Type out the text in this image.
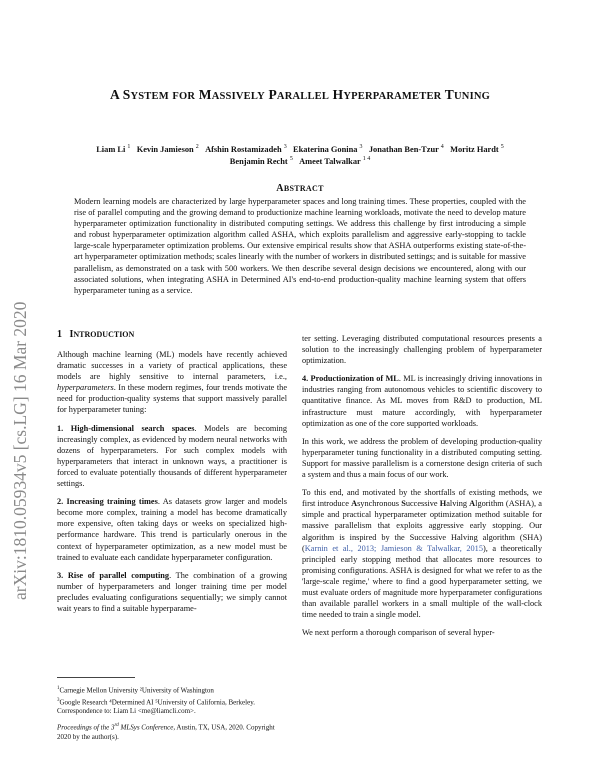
arXiv:1810.05934v5 [cs.LG] 16 Mar 2020
A SYSTEM FOR MASSIVELY PARALLEL HYPERPARAMETER TUNING
Liam Li $^1$ Kevin Jamieson $^2$ Afshin Rostamizadeh $^3$ Ekaterina Gonina $^3$ Jonathan Ben-Tzur $^4$ Moritz Hardt $^5$
Benjamin Recht $^5$ Ameet Talwalkar $^{1 4}$
ABSTRACT
Modern learning models are characterized by large hyperparameter spaces and long training times. These properties, coupled with the rise of parallel computing and the growing demand to productionize machine learning workloads, motivate the need to develop mature hyperparameter optimization functionality in distributed computing settings. We address this challenge by first introducing a simple and robust hyperparameter optimization algorithm called ASHA, which exploits parallelism and aggressive early-stopping to tackle large-scale hyperparameter optimization problems. Our extensive empirical results show that ASHA outperforms existing state-of-the-art hyperparameter optimization methods; scales linearly with the number of workers in distributed settings; and is suitable for massive parallelism, as demonstrated on a task with 500 workers. We then describe several design decisions we encountered, along with our associated solutions, when integrating ASHA in Determined AI's end-to-end production-quality machine learning system that offers hyperparameter tuning as a service.
1 INTRODUCTION

Although machine learning (ML) models have recently achieved dramatic successes in a variety of practical applications, these models are highly sensitive to internal parameters, i.e., hyperparameters. In these modern regimes, four trends motivate the need for production-quality systems that support massively parallel for hyperparameter tuning:

1. High-dimensional search spaces. Models are becoming increasingly complex, as evidenced by modern neural networks with dozens of hyperparameters. For such complex models with hyperparameters that interact in unknown ways, a practitioner is forced to evaluate potentially thousands of different hyperparameter settings.

2. Increasing training times. As datasets grow larger and models become more complex, training a model has become dramatically more expensive, often taking days or weeks on specialized high-performance hardware. This trend is particularly onerous in the context of hyperparameter optimization, as a new model must be trained to evaluate each candidate hyperparameter configuration.

3. Rise of parallel computing. The combination of a growing number of hyperparameters and longer training time per model precludes evaluating configurations sequentially; we simply cannot wait years to find a suitable hyperparame-

$^1$Carnegie Mellon University ²University of Washington
$^3$Google Research ⁴Determined AI ⁵University of California, Berkeley. Correspondence to: Liam Li <me@liamcli.com>.
Proceedings of the 3rd MLSys Conference, Austin, TX, USA, 2020. Copyright 2020 by the author(s).

ter setting. Leveraging distributed computational resources presents a solution to the increasingly challenging problem of hyperparameter optimization.

4. Productionization of ML. ML is increasingly driving innovations in industries ranging from autonomous vehicles to scientific discovery to quantitative finance. As ML moves from R&D to production, ML infrastructure must mature accordingly, with hyperparameter optimization as one of the core supported workloads.

In this work, we address the problem of developing production-quality hyperparameter tuning functionality in a distributed computing setting. Support for massive parallelism is a cornerstone design criteria of such a system and thus a main focus of our work.

To this end, and motivated by the shortfalls of existing methods, we first introduce Asynchronous Successive Halving Algorithm (ASHA), a simple and practical hyperparameter optimization method suitable for massive parallelism that exploits aggressive early stopping. Our algorithm is inspired by the Successive Halving algorithm (SHA) (Karnin et al., 2013; Jamieson & Talwalkar, 2015), a theoretically principled early stopping method that allocates more resources to promising configurations. ASHA is designed for what we refer to as the 'large-scale regime,' where to find a good hyperparameter setting, we must evaluate orders of magnitude more hyperparameter configurations than available parallel workers in a small multiple of the wall-clock time needed to train a single model.

We next perform a thorough comparison of several hyper-
